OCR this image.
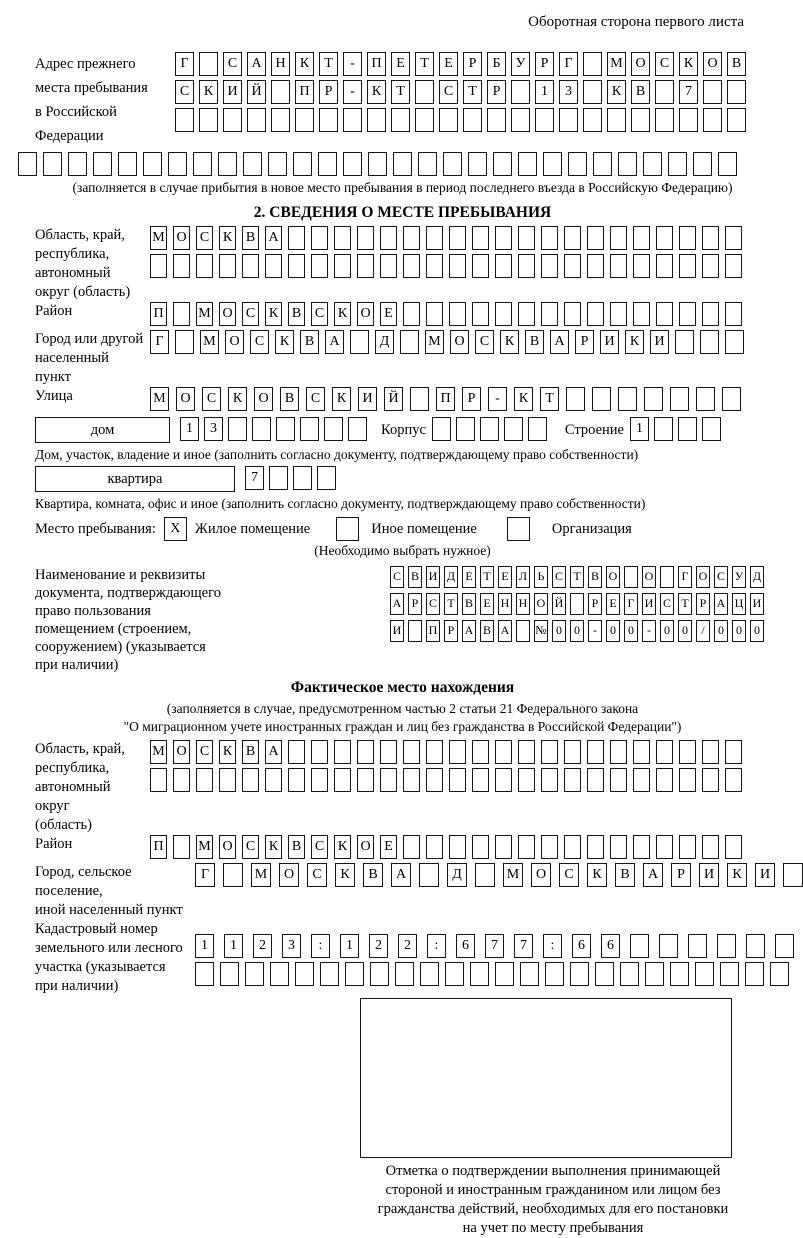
Оборотная сторона первого листа
Адрес прежнего
места пребывания
в Российской
Федерации
Г	С	А Н	К	Т	-	П	Е	Т	Е	Р	Б	У	Р	Г	М О	С	К	О	В
С	К	И Й	П	Р	-	К	Т	С	Т	Р	1	3	К	В	7
(заполняется в случае прибытия в новое место пребывания в период последнего въезда в Российскую Федерацию)
2. СВЕДЕНИЯ О МЕСТЕ ПРЕБЫВАНИЯ
Область, край,
республика,
автономный
округ (область)
М О С К В А
Район	П М О С К В С К О Е
Город или другой
населенный пункт
Г	М О	С	К	В	А	Д	М О	С	К	В	А	Р	И	К	И
Улица	М	О	С	К	О	В	С	К	И	Й	П	Р	-	К	Т
дом	1	3	Корпус	Строение 1
Дом, участок, владение и иное (заполнить согласно документу, подтверждающему право собственности)
квартира	7
Квартира, комната, офис и иное (заполнить согласно документу, подтверждающему право собственности)
Место пребывания:	X Жилое помещение	Иное помещение	Организация
(Необходимо выбрать нужное)
Наименование и реквизиты
документа, подтверждающего
право пользования
помещением (строением,
сооружением) (указывается
при наличии)
С В И Д Е Т Е Л Ь С Т В О О Г О С У Д
А Р С Т В Е Н Н О Й	Р Е Г И С Т Р А Ц И
И П Р А В А № 0	0	-	0	0	-	0	0	/	0	0	0
Фактическое место нахождения
(заполняется в случае, предусмотренном частью 2 статьи 21 Федерального закона
"О миграционном учете иностранных граждан и лиц без гражданства в Российской Федерации")
Область, край,
республика,
автономный округ
(область)
М О С К В А
Район	П М О С К В С К О Е
Город, сельское поселение,
иной населенный пункт
Г	М	О	С	К	В	А	Д	М	О	С	К	В	А	Р	И	К	И
Кадастровый номер
земельного или лесного
участка (указывается
при наличии)
1	1	2	3	:	1	2	2	:	6	7	7	:	6	6
Отметка о подтверждении выполнения принимающей
стороной и иностранным гражданином или лицом без
гражданства действий, необходимых для его постановки
на учет по месту пребывания
